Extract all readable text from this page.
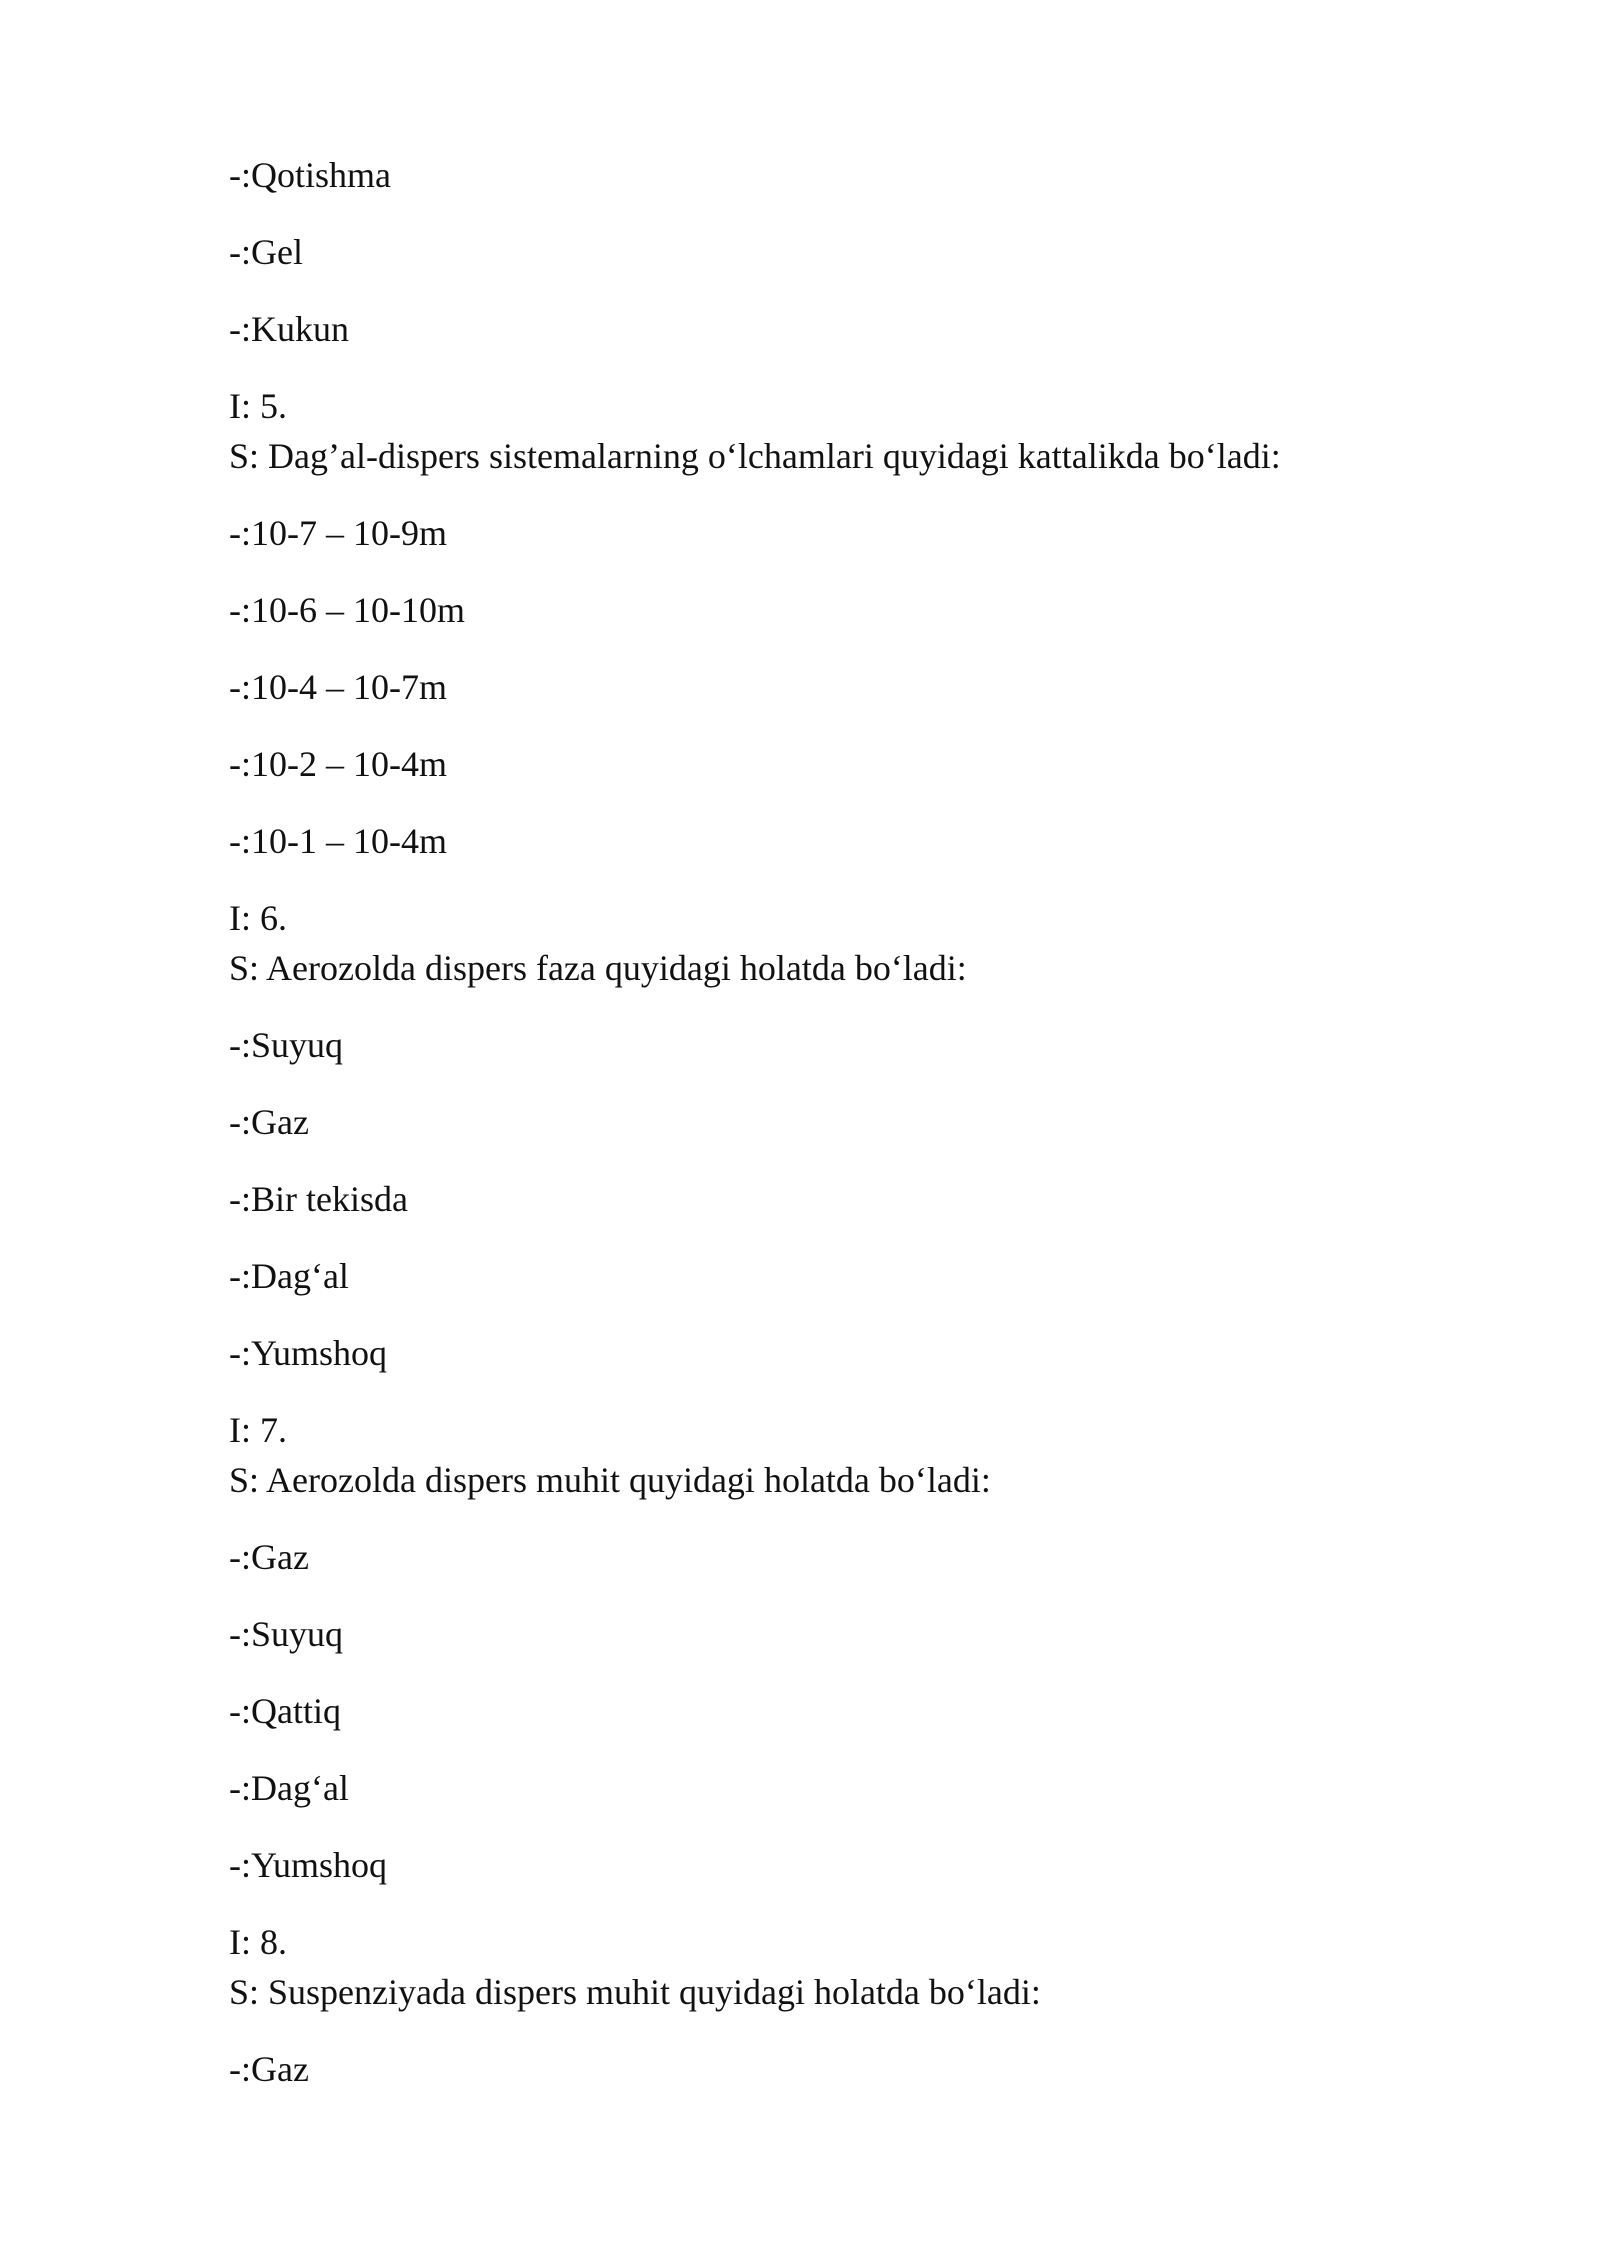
-:Qotishma

-:Gel

-:Kukun

I: 5.

S: Dag’al-dispers sistemalarning o‘lchamlari quyidagi kattalikda bo‘ladi:

-:10-7 – 10-9m

-:10-6 – 10-10m

-:10-4 – 10-7m

-:10-2 – 10-4m

-:10-1 – 10-4m

I: 6.

S: Aerozolda dispers faza quyidagi holatda bo‘ladi:

-:Suyuq

-:Gaz

-:Bir tekisda

-:Dag‘al

-:Yumshoq

I: 7.

S: Aerozolda dispers muhit quyidagi holatda bo‘ladi:

-:Gaz

-:Suyuq

-:Qattiq

-:Dag‘al

-:Yumshoq

I: 8.

S: Suspenziyada dispers muhit quyidagi holatda bo‘ladi:

-:Gaz
